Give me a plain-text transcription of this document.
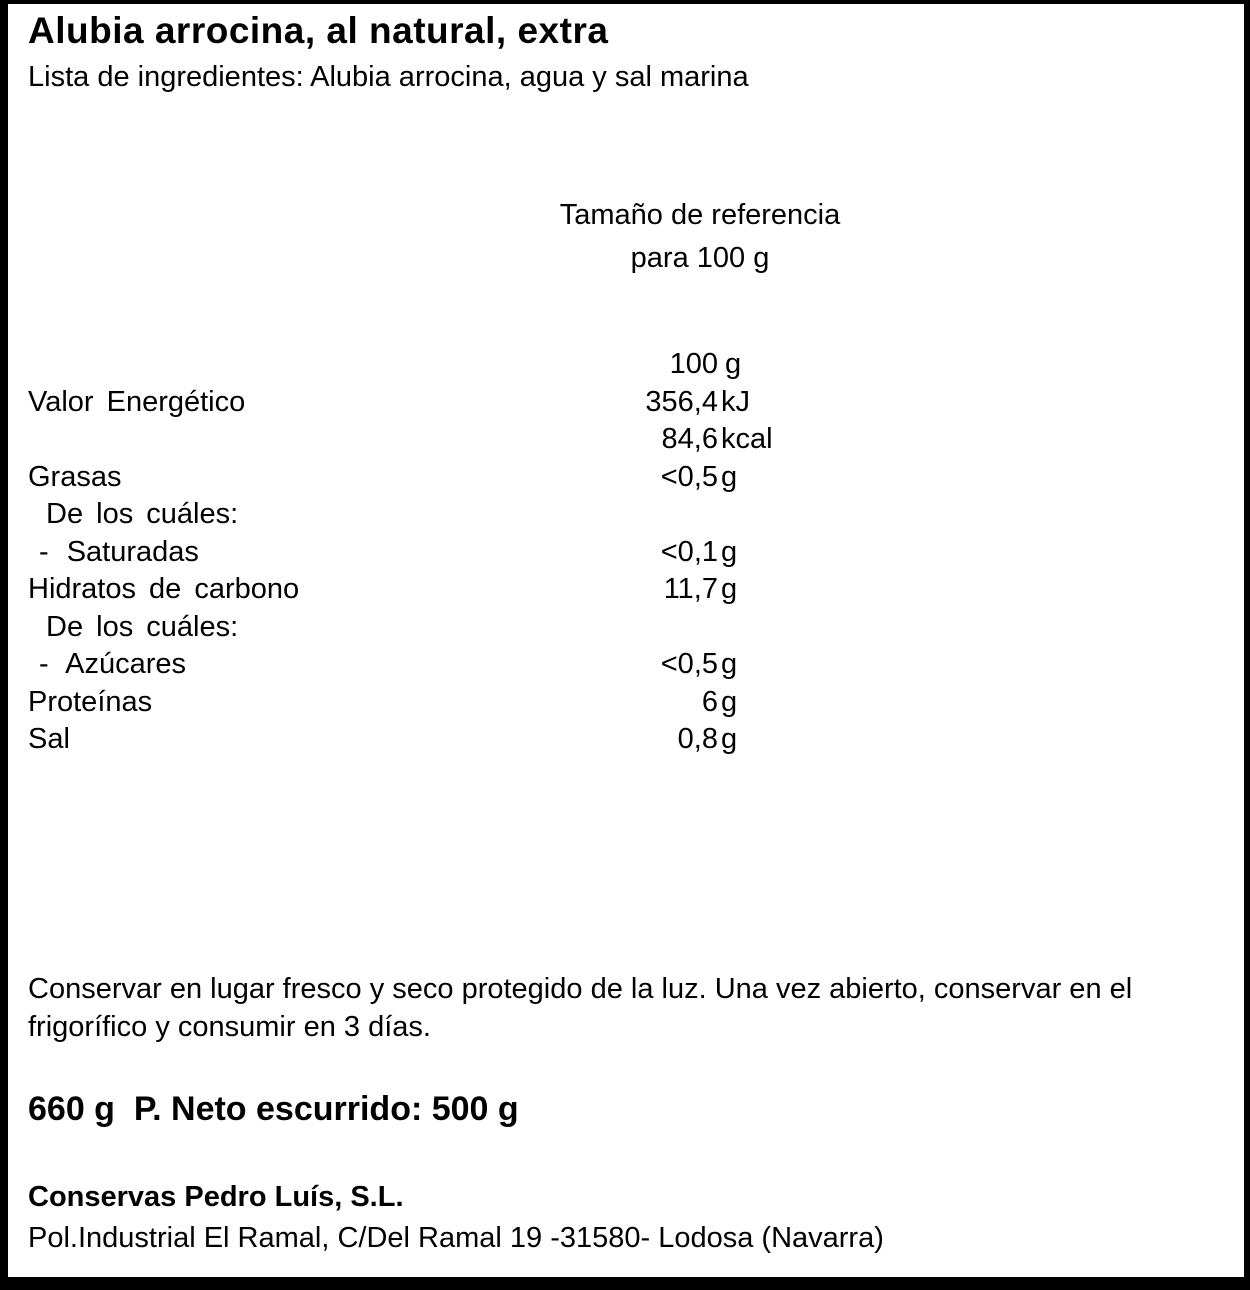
Alubia arrocina, al natural, extra
Lista de ingredientes: Alubia arrocina, agua y sal marina
Tamaño de referencia
para 100 g
100 g
Valor Energético	356,4 kJ
84,6 kcal
Grasas	<0,5 g
De los cuáles:
- Saturadas	<0,1 g
Hidratos de carbono	11,7 g
De los cuáles:
- Azúcares	<0,5 g
Proteínas	6 g
Sal	0,8 g
Conservar en lugar fresco y seco protegido de la luz. Una vez abierto, conservar en el frigorífico y consumir en 3 días.
660 g  P. Neto escurrido: 500 g
Conservas Pedro Luís, S.L.
Pol.Industrial El Ramal, C/Del Ramal 19 -31580- Lodosa (Navarra)
